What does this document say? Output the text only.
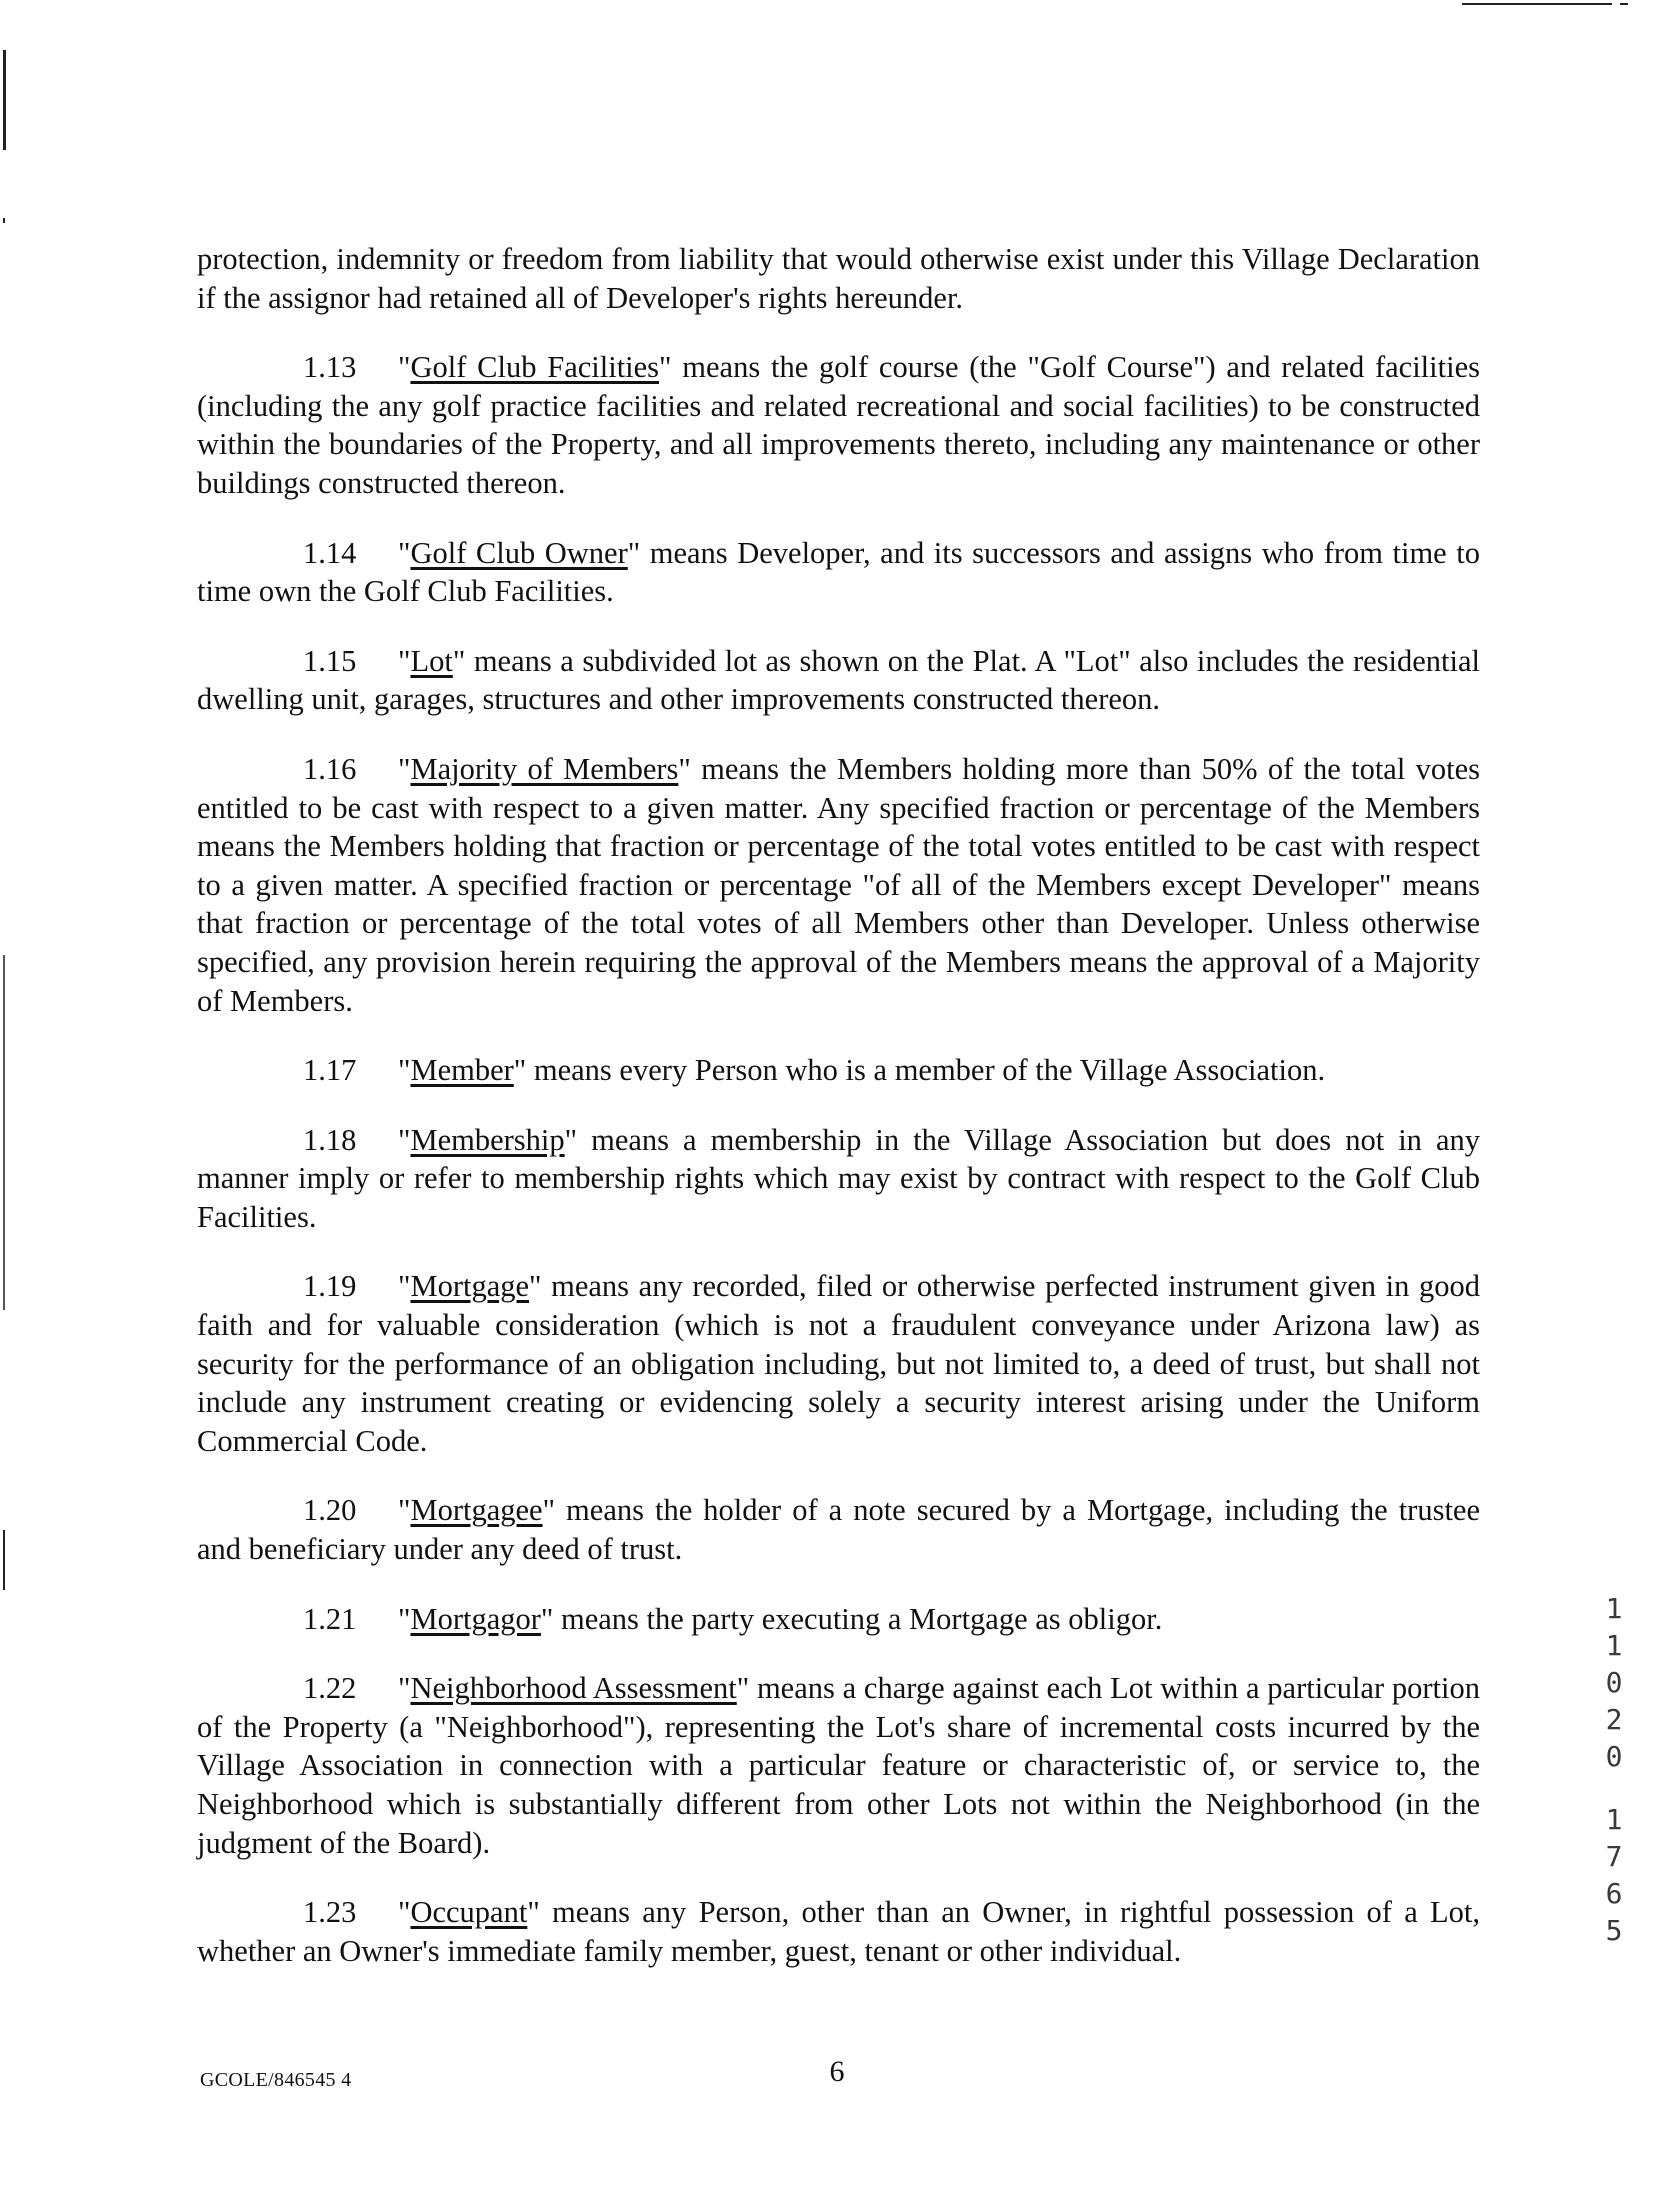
protection, indemnity or freedom from liability that would otherwise exist under this Village Declaration if the assignor had retained all of Developer's rights hereunder.

1.13 "Golf Club Facilities" means the golf course (the "Golf Course") and related facilities (including the any golf practice facilities and related recreational and social facilities) to be constructed within the boundaries of the Property, and all improvements thereto, including any maintenance or other buildings constructed thereon.

1.14 "Golf Club Owner" means Developer, and its successors and assigns who from time to time own the Golf Club Facilities.

1.15 "Lot" means a subdivided lot as shown on the Plat. A "Lot" also includes the residential dwelling unit, garages, structures and other improvements constructed thereon.

1.16 "Majority of Members" means the Members holding more than 50% of the total votes entitled to be cast with respect to a given matter. Any specified fraction or percentage of the Members means the Members holding that fraction or percentage of the total votes entitled to be cast with respect to a given matter. A specified fraction or percentage "of all of the Members except Developer" means that fraction or percentage of the total votes of all Members other than Developer. Unless otherwise specified, any provision herein requiring the approval of the Members means the approval of a Majority of Members.

1.17 "Member" means every Person who is a member of the Village Association.

1.18 "Membership" means a membership in the Village Association but does not in any manner imply or refer to membership rights which may exist by contract with respect to the Golf Club Facilities.

1.19 "Mortgage" means any recorded, filed or otherwise perfected instrument given in good faith and for valuable consideration (which is not a fraudulent conveyance under Arizona law) as security for the performance of an obligation including, but not limited to, a deed of trust, but shall not include any instrument creating or evidencing solely a security interest arising under the Uniform Commercial Code.

1.20 "Mortgagee" means the holder of a note secured by a Mortgage, including the trustee and beneficiary under any deed of trust.

1.21 "Mortgagor" means the party executing a Mortgage as obligor.

1.22 "Neighborhood Assessment" means a charge against each Lot within a particular portion of the Property (a "Neighborhood"), representing the Lot's share of incremental costs incurred by the Village Association in connection with a particular feature or characteristic of, or service to, the Neighborhood which is substantially different from other Lots not within the Neighborhood (in the judgment of the Board).

1.23 "Occupant" means any Person, other than an Owner, in rightful possession of a Lot, whether an Owner's immediate family member, guest, tenant or other individual.

1
1
0
2
0
1
7
6
5
GCOLE/846545 4	6
